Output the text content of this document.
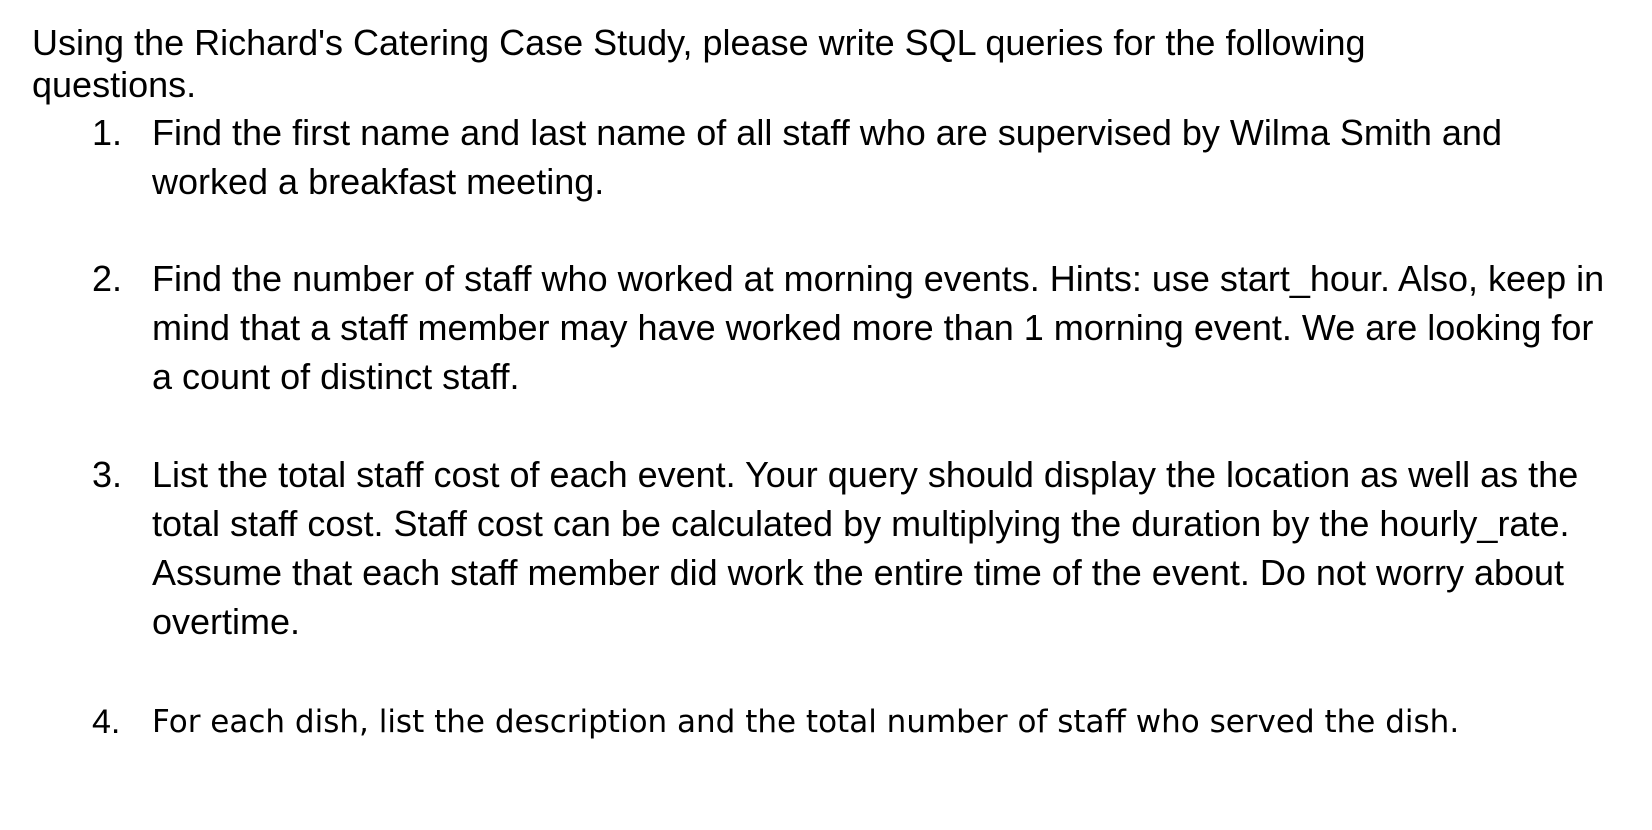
Using the Richard's Catering Case Study, please write SQL queries for the following questions.

1. Find the first name and last name of all staff who are supervised by Wilma Smith and worked a breakfast meeting.
2. Find the number of staff who worked at morning events. Hints: use start_hour. Also, keep in mind that a staff member may have worked more than 1 morning event. We are looking for a count of distinct staff.
3. List the total staff cost of each event. Your query should display the location as well as the total staff cost. Staff cost can be calculated by multiplying the duration by the hourly_rate. Assume that each staff member did work the entire time of the event. Do not worry about overtime.
4.	For each dish, list the description and the total number of staff who served the dish.
